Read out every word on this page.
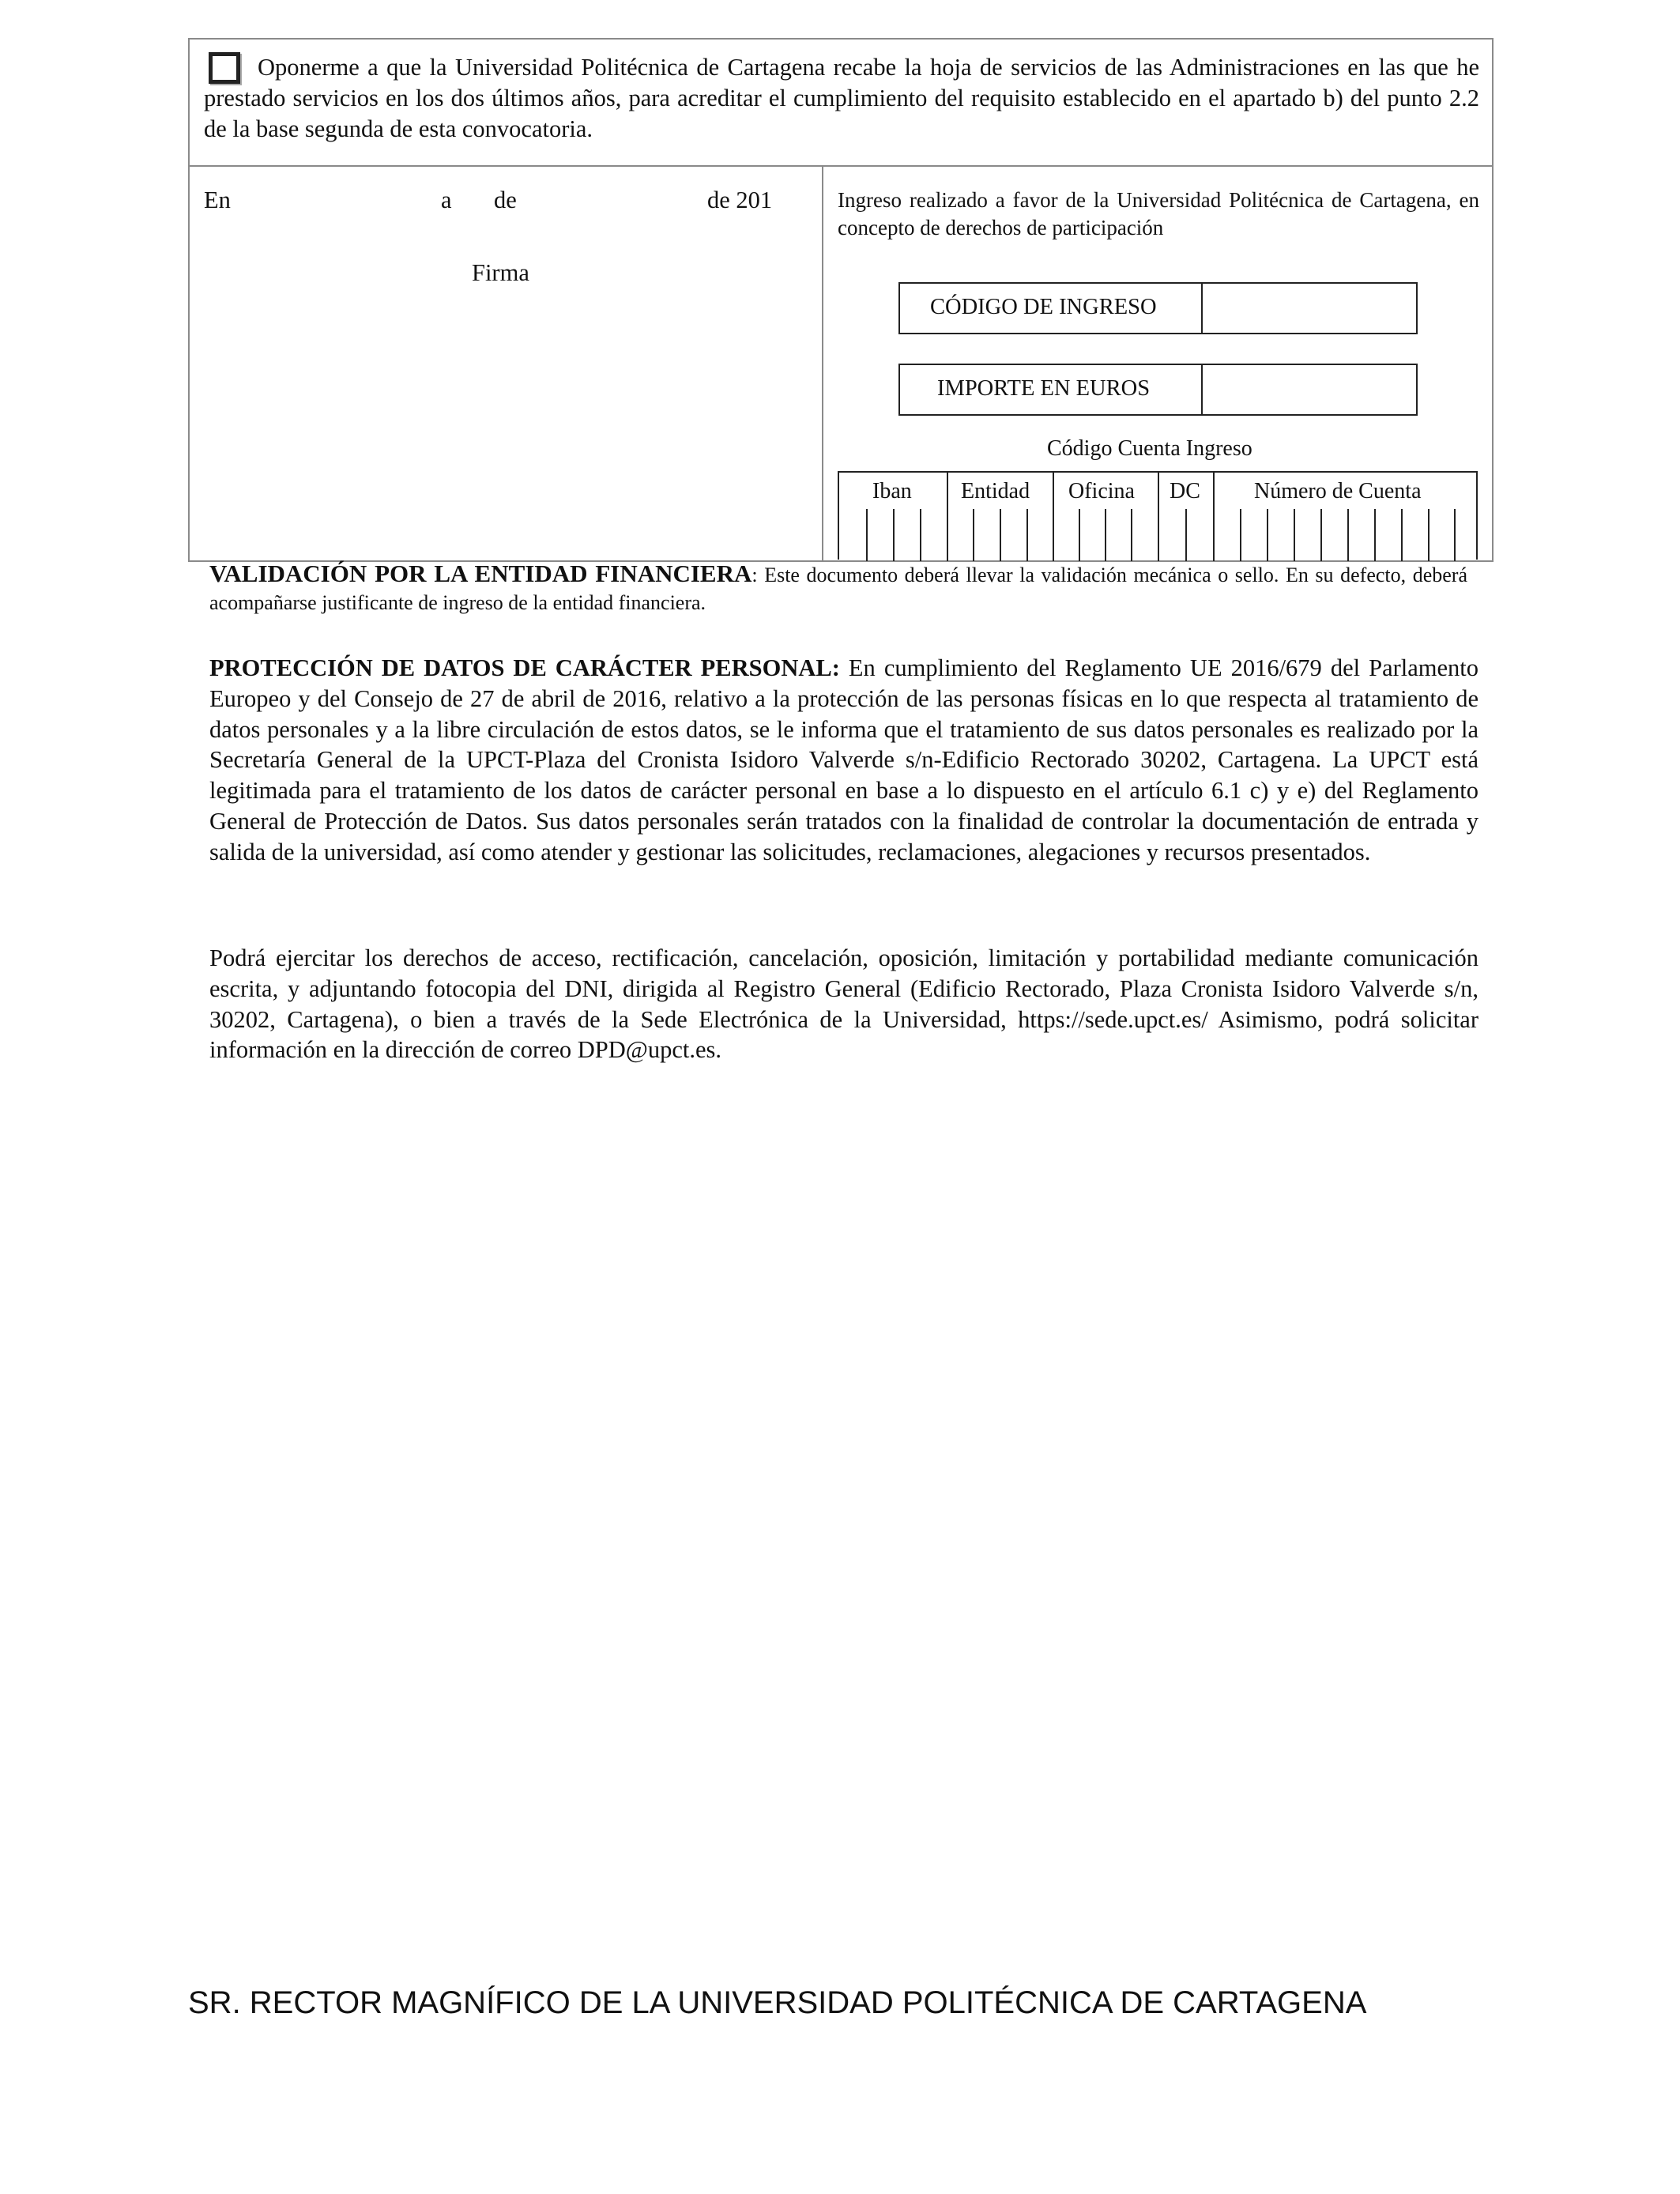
Oponerme a que la Universidad Politécnica de Cartagena recabe la hoja de servicios de las Administraciones en las que he prestado servicios en los dos últimos años, para acreditar el cumplimiento del requisito establecido en el apartado b) del punto 2.2 de la base segunda de esta convocatoria.

En	a de	de 201
Firma

Ingreso realizado a favor de la Universidad Politécnica de Cartagena, en concepto de derechos de participación

CÓDIGO DE INGRESO
IMPORTE EN EUROS
Código Cuenta Ingreso
Iban Entidad Oficina DC Número de Cuenta

VALIDACIÓN POR LA ENTIDAD FINANCIERA: Este documento deberá llevar la validación mecánica o sello. En su defecto, deberá acompañarse justificante de ingreso de la entidad financiera.

PROTECCIÓN DE DATOS DE CARÁCTER PERSONAL: En cumplimiento del Reglamento UE 2016/679 del Parlamento Europeo y del Consejo de 27 de abril de 2016, relativo a la protección de las personas físicas en lo que respecta al tratamiento de datos personales y a la libre circulación de estos datos, se le informa que el tratamiento de sus datos personales es realizado por la Secretaría General de la UPCT-Plaza del Cronista Isidoro Valverde s/n-Edificio Rectorado 30202, Cartagena. La UPCT está legitimada para el tratamiento de los datos de carácter personal en base a lo dispuesto en el artículo 6.1 c) y e) del Reglamento General de Protección de Datos. Sus datos personales serán tratados con la finalidad de controlar la documentación de entrada y salida de la universidad, así como atender y gestionar las solicitudes, reclamaciones, alegaciones y recursos presentados.

Podrá ejercitar los derechos de acceso, rectificación, cancelación, oposición, limitación y portabilidad mediante comunicación escrita, y adjuntando fotocopia del DNI, dirigida al Registro General (Edificio Rectorado, Plaza Cronista Isidoro Valverde s/n, 30202, Cartagena), o bien a través de la Sede Electrónica de la Universidad, https://sede.upct.es/ Asimismo, podrá solicitar información en la dirección de correo DPD@upct.es.

SR. RECTOR MAGNÍFICO DE LA UNIVERSIDAD POLITÉCNICA DE CARTAGENA
